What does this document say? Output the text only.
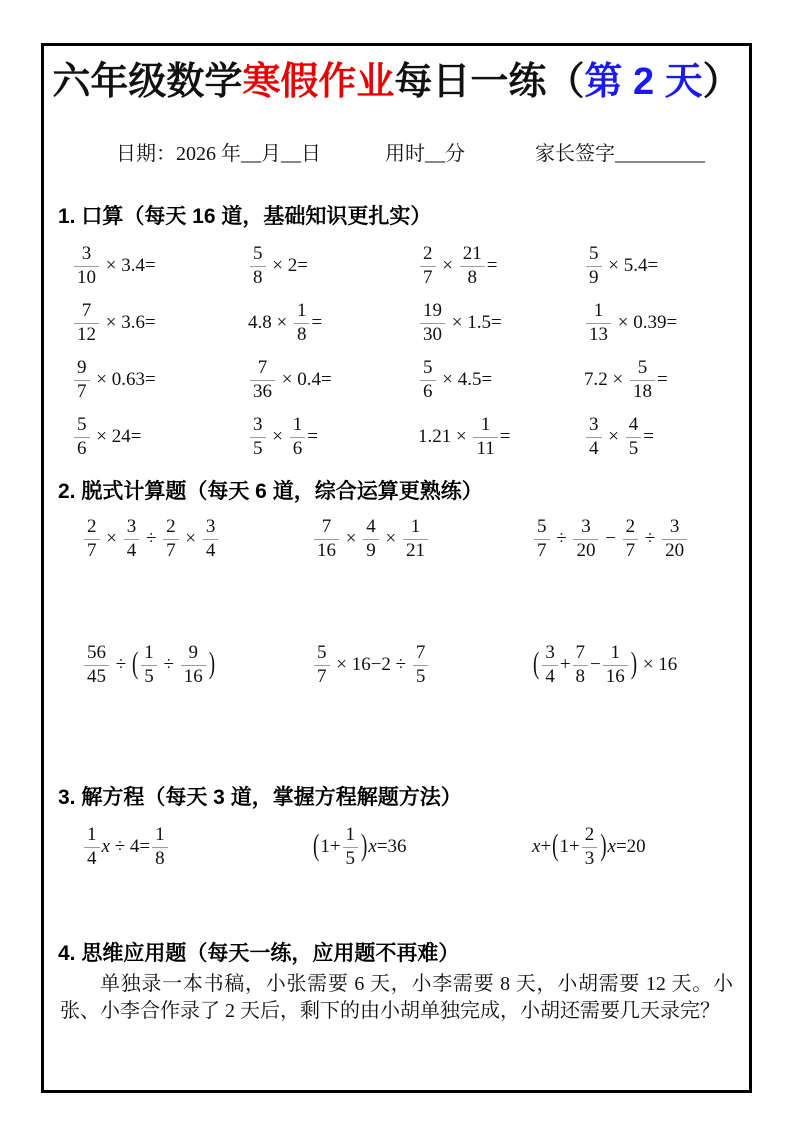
六年级数学寒假作业每日一练（第 2 天）

日期：2026 年__月__日	用时__分	家长签字_________

1. 口算（每天 16 道，基础知识更扎实）
$\frac{3}{10} \times 3.4=$	$\frac{5}{8} \times 2=$	$\frac{2}{7} \times \frac{21}{8}$ =	$\frac{5}{9} \times 5.4=$
$\frac{7}{12} \times 3.6=$	$4.8 \times \frac{1}{8}$ =	$\frac{19}{30} \times 1.5=$	$\frac{1}{13} \times 0.39=$
$\frac{9}{7} \times 0.63=$	$\frac{7}{36} \times 0.4=$	$\frac{5}{6} \times 4.5=$	$7.2 \times \frac{5}{18}$ =
$\frac{5}{6} \times 24=$	$\frac{3}{5} \times \frac{1}{6}$ =	$1.21 \times \frac{1}{11}$ =	$\frac{3}{4} \times \frac{4}{5}$ =
2. 脱式计算题（每天 6 道，综合运算更熟练）
$\frac{2}{7} \times \frac{3}{4} \div \frac{2}{7} \times \frac{3}{4}$	$\frac{7}{16} \times \frac{4}{9} \times \frac{1}{21}$	$\frac{5}{7} \div \frac{3}{20} - \frac{2}{7} \div \frac{3}{20}$
$\frac{56}{45}$ ÷ ( $\frac{1}{5} \div \frac{9}{16}$ )	$\frac{5}{7} \times 16-2 \div \frac{7}{5}$	( $\frac{3}{4} + \frac{7}{8} - \frac{1}{16}$ ) × 16
3. 解方程（每天 3 道，掌握方程解题方法）
$\frac{1}{4}$ $x \div 4= \frac{1}{8}$	$(1+ \frac{1}{5} )x=36$	$x+(1+ \frac{2}{3} )x=20$
4. 思维应用题（每天一练，应用题不再难）
单独录一本书稿，小张需要 6 天，小李需要 8 天，小胡需要 12 天。小张、小李合作录了 2 天后，剩下的由小胡单独完成，小胡还需要几天录完？
